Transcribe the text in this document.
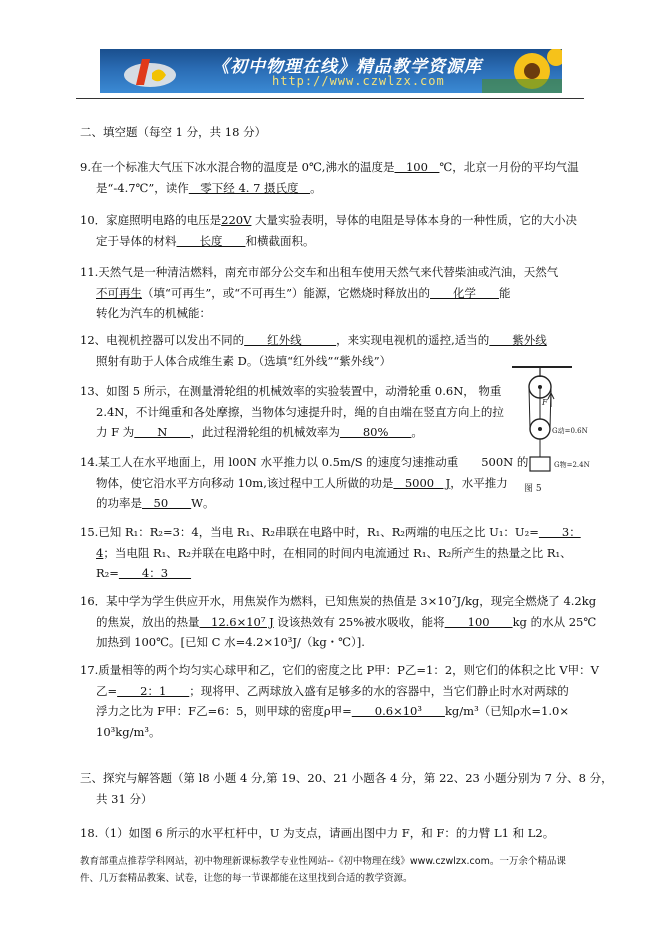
《初中物理在线》精品教学资源库
http://www.czwlzx.com
二、填空题（每空 1 分，共 18 分）
9.在一个标准大气压下冰水混合物的温度是 0℃,沸水的温度是　100　℃，北京一月份的平均气温
是“-4.7℃”，读作　零下经 4. 7 摄氏度　。
10．家庭照明电路的电压是220V 大量实验表明，导体的电阻是导体本身的一种性质，它的大小决
定于导体的材料　　长度　　和横截面积。
11.天然气是一种清洁燃料，南充市部分公交车和出租车使用天然气来代替柴油或汽油，天然气
不可再生（填“可再生”，或“不可再生”）能源，它燃烧时释放出的　　化学　　能
转化为汽车的机械能：
12、电视机控器可以发出不同的　　红外线　　　，来实现电视机的遥控,适当的　　紫外线
照射有助于人体合成维生素 D。（选填“红外线”“紫外线”）
13、如图 5 所示，在测量滑轮组的机械效率的实验装置中，动滑轮重 0.6N， 物重
2.4N，不计绳重和各处摩擦，当物体匀速提升时，绳的自由端在竖直方向上的拉
力 F 为　　N　　，此过程滑轮组的机械效率为　　80%　　。
14.某工人在水平地面上，用 l00N 水平推力以 0.5m/S 的速度匀速推动重　　500N 的
物体，使它沿水平方向移动 10m,该过程中工人所做的功是　5000　J，水平推力
的功率是　50　　W。
F
G动=0.6N
G物=2.4N
图 5
15.已知 R₁：R₂=3：4，当电 R₁、R₂串联在电路中时，R₁、R₂两端的电压之比 U₁：U₂=　　3：
4；当电阻 R₁、R₂并联在电路中时，在相同的时间内电流通过 R₁、R₂所产生的热量之比 R₁、
R₂=　　4：3　　
16．某中学为学生供应开水，用焦炭作为燃料，已知焦炭的热值是 3×10⁷J/kg，现完全燃烧了 4.2kg
的焦炭，放出的热量　12.6×10⁷ J 设该热效有 25%被水吸收，能将　　100　　kg 的水从 25℃
加热到 100℃。[已知 C 水=4.2×10³J/（kg・℃）].
17.质量相等的两个均匀实心球甲和乙，它们的密度之比 P甲：P乙=1：2，则它们的体积之比 V甲：V
乙=　　2：1　　；现将甲、乙两球放入盛有足够多的水的容器中，当它们静止时水对两球的
浮力之比为 F甲：F乙=6：5，则甲球的密度ρ甲=　　0.6×10³　　kg/m³（已知ρ水=1.0×
10³kg/m³。
三、探究与解答题（第 l8 小题 4 分,第 19、20、21 小题各 4 分，第 22、23 小题分别为 7 分、8 分，
共 31 分）
18.（1）如图 6 所示的水平杠杆中，U 为支点，请画出图中力 F，和 F：的力臂 L1 和 L2。
教育部重点推荐学科网站，初中物理新课标教学专业性网站--《初中物理在线》www.czwlzx.com。一万余个精品课
件、几万套精品教案、试卷，让您的每一节课都能在这里找到合适的教学资源。
